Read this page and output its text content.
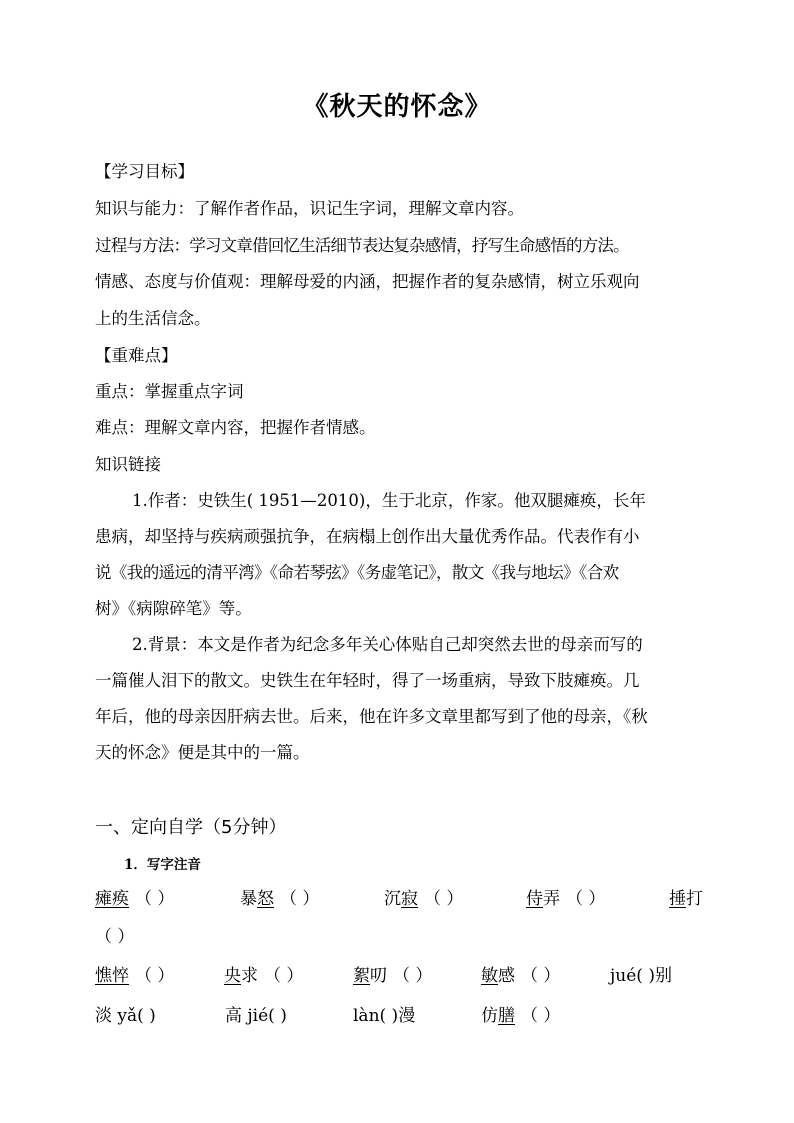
《秋天的怀念》
【学习目标】
知识与能力：了解作者作品，识记生字词，理解文章内容。
过程与方法：学习文章借回忆生活细节表达复杂感情，抒写生命感悟的方法。
情感、态度与价值观：理解母爱的内涵，把握作者的复杂感情，树立乐观向
上的生活信念。
【重难点】
重点：掌握重点字词
难点：理解文章内容，把握作者情感。
知识链接
1.作者：史铁生( 1951—2010)，生于北京，作家。他双腿瘫痪，长年
患病，却坚持与疾病顽强抗争，在病榻上创作出大量优秀作品。代表作有小
说《我的遥远的清平湾》《命若琴弦》《务虚笔记》，散文《我与地坛》《合欢
树》《病隙碎笔》等。
2.背景：本文是作者为纪念多年关心体贴自己却突然去世的母亲而写的
一篇催人泪下的散文。史铁生在年轻时，得了一场重病，导致下肢瘫痪。几
年后，他的母亲因肝病去世。后来，他在许多文章里都写到了他的母亲，《秋
天的怀念》便是其中的一篇。
一、定向自学（5分钟）
1．写字注音
瘫痪 （ ）	暴怒 （ ）	沉寂 （ ）	侍弄 （ ）	捶打
（ ）
憔悴 （ ）	央求 （ ）	絮叨 （ ）	敏感 （ ）	jué( )别
淡 yǎ( )	高 jié( )	làn( )漫	仿膳 （ ）
